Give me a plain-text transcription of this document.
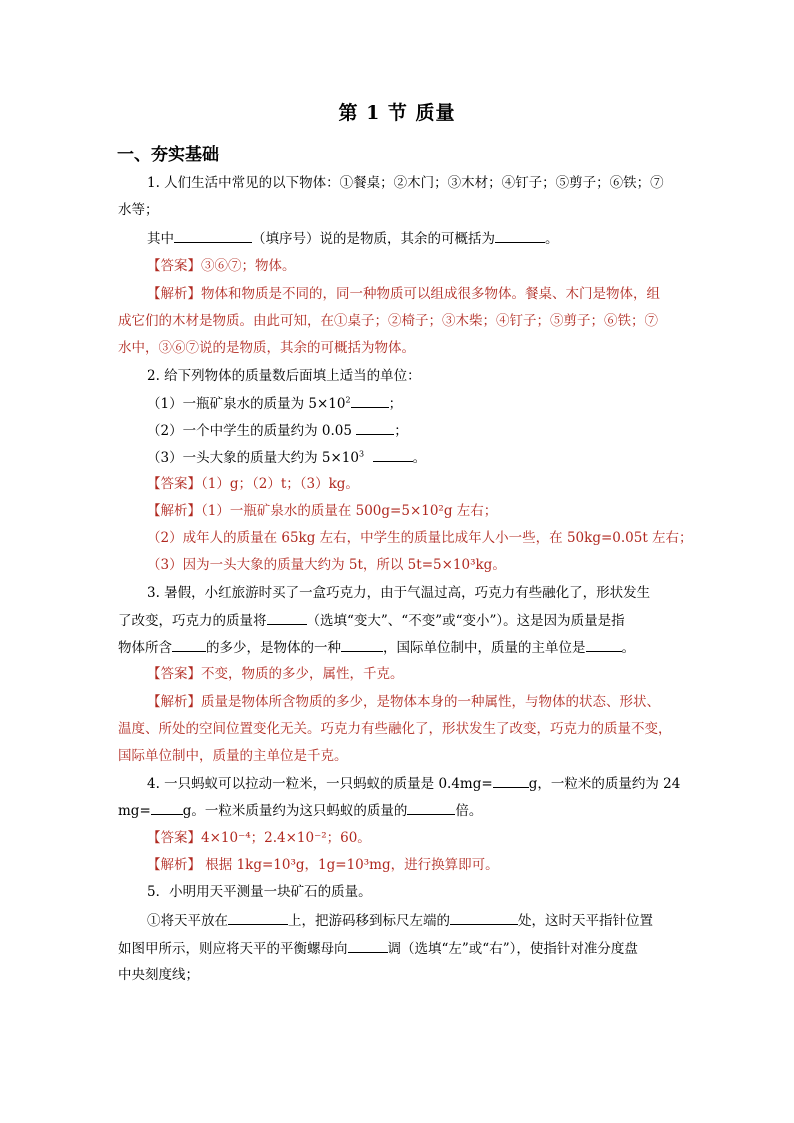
第 1 节 质量
一、夯实基础
1. 人们生活中常见的以下物体：①餐桌；②木门；③木材；④钉子；⑤剪子；⑥铁；⑦
水等；
其中	（填序号）说的是物质，其余的可概括为	。
【答案】③⑥⑦；物体。
【解析】物体和物质是不同的，同一种物质可以组成很多物体。餐桌、木门是物体，组
成它们的木材是物质。由此可知，在①桌子；②椅子；③木柴；④钉子；⑤剪子；⑥铁；⑦
水中，③⑥⑦说的是物质，其余的可概括为物体。
2. 给下列物体的质量数后面填上适当的单位：
（1）一瓶矿泉水的质量为 $5\times 10^2$	；
（2）一个中学生的质量约为 0.05	；
（3）一头大象的质量大约为 $5\times 10^3$	。
【答案】（1）g；（2）t；（3）kg。
【解析】（1）一瓶矿泉水的质量在 500g=5×10²g 左右；
（2）成年人的质量在 65kg 左右，中学生的质量比成年人小一些，在 50kg=0.05t 左右；
（3）因为一头大象的质量大约为 5t，所以 5t=5×10³kg。
3. 暑假，小红旅游时买了一盒巧克力，由于气温过高，巧克力有些融化了，形状发生
了改变，巧克力的质量将	（选填“变大”、“不变”或“变小”）。这是因为质量是指
物体所含	的多少，是物体的一种	，国际单位制中，质量的主单位是	。
【答案】不变，物质的多少，属性，千克。
【解析】质量是物体所含物质的多少，是物体本身的一种属性，与物体的状态、形状、
温度、所处的空间位置变化无关。巧克力有些融化了，形状发生了改变，巧克力的质量不变，
国际单位制中，质量的主单位是千克。
4. 一只蚂蚁可以拉动一粒米，一只蚂蚁的质量是 0.4mg=	g，一粒米的质量约为 24
mg= g。一粒米质量约为这只蚂蚁的质量的	倍。
【答案】4×10⁻⁴；2.4×10⁻²；60。
【解析】 根据 1kg=10³g，1g=10³mg，进行换算即可。
5．小明用天平测量一块矿石的质量。
①将天平放在	上，把游码移到标尺左端的	处，这时天平指针位置
如图甲所示，则应将天平的平衡螺母向	调（选填“左”或“右”），使指针对准分度盘
中央刻度线；
